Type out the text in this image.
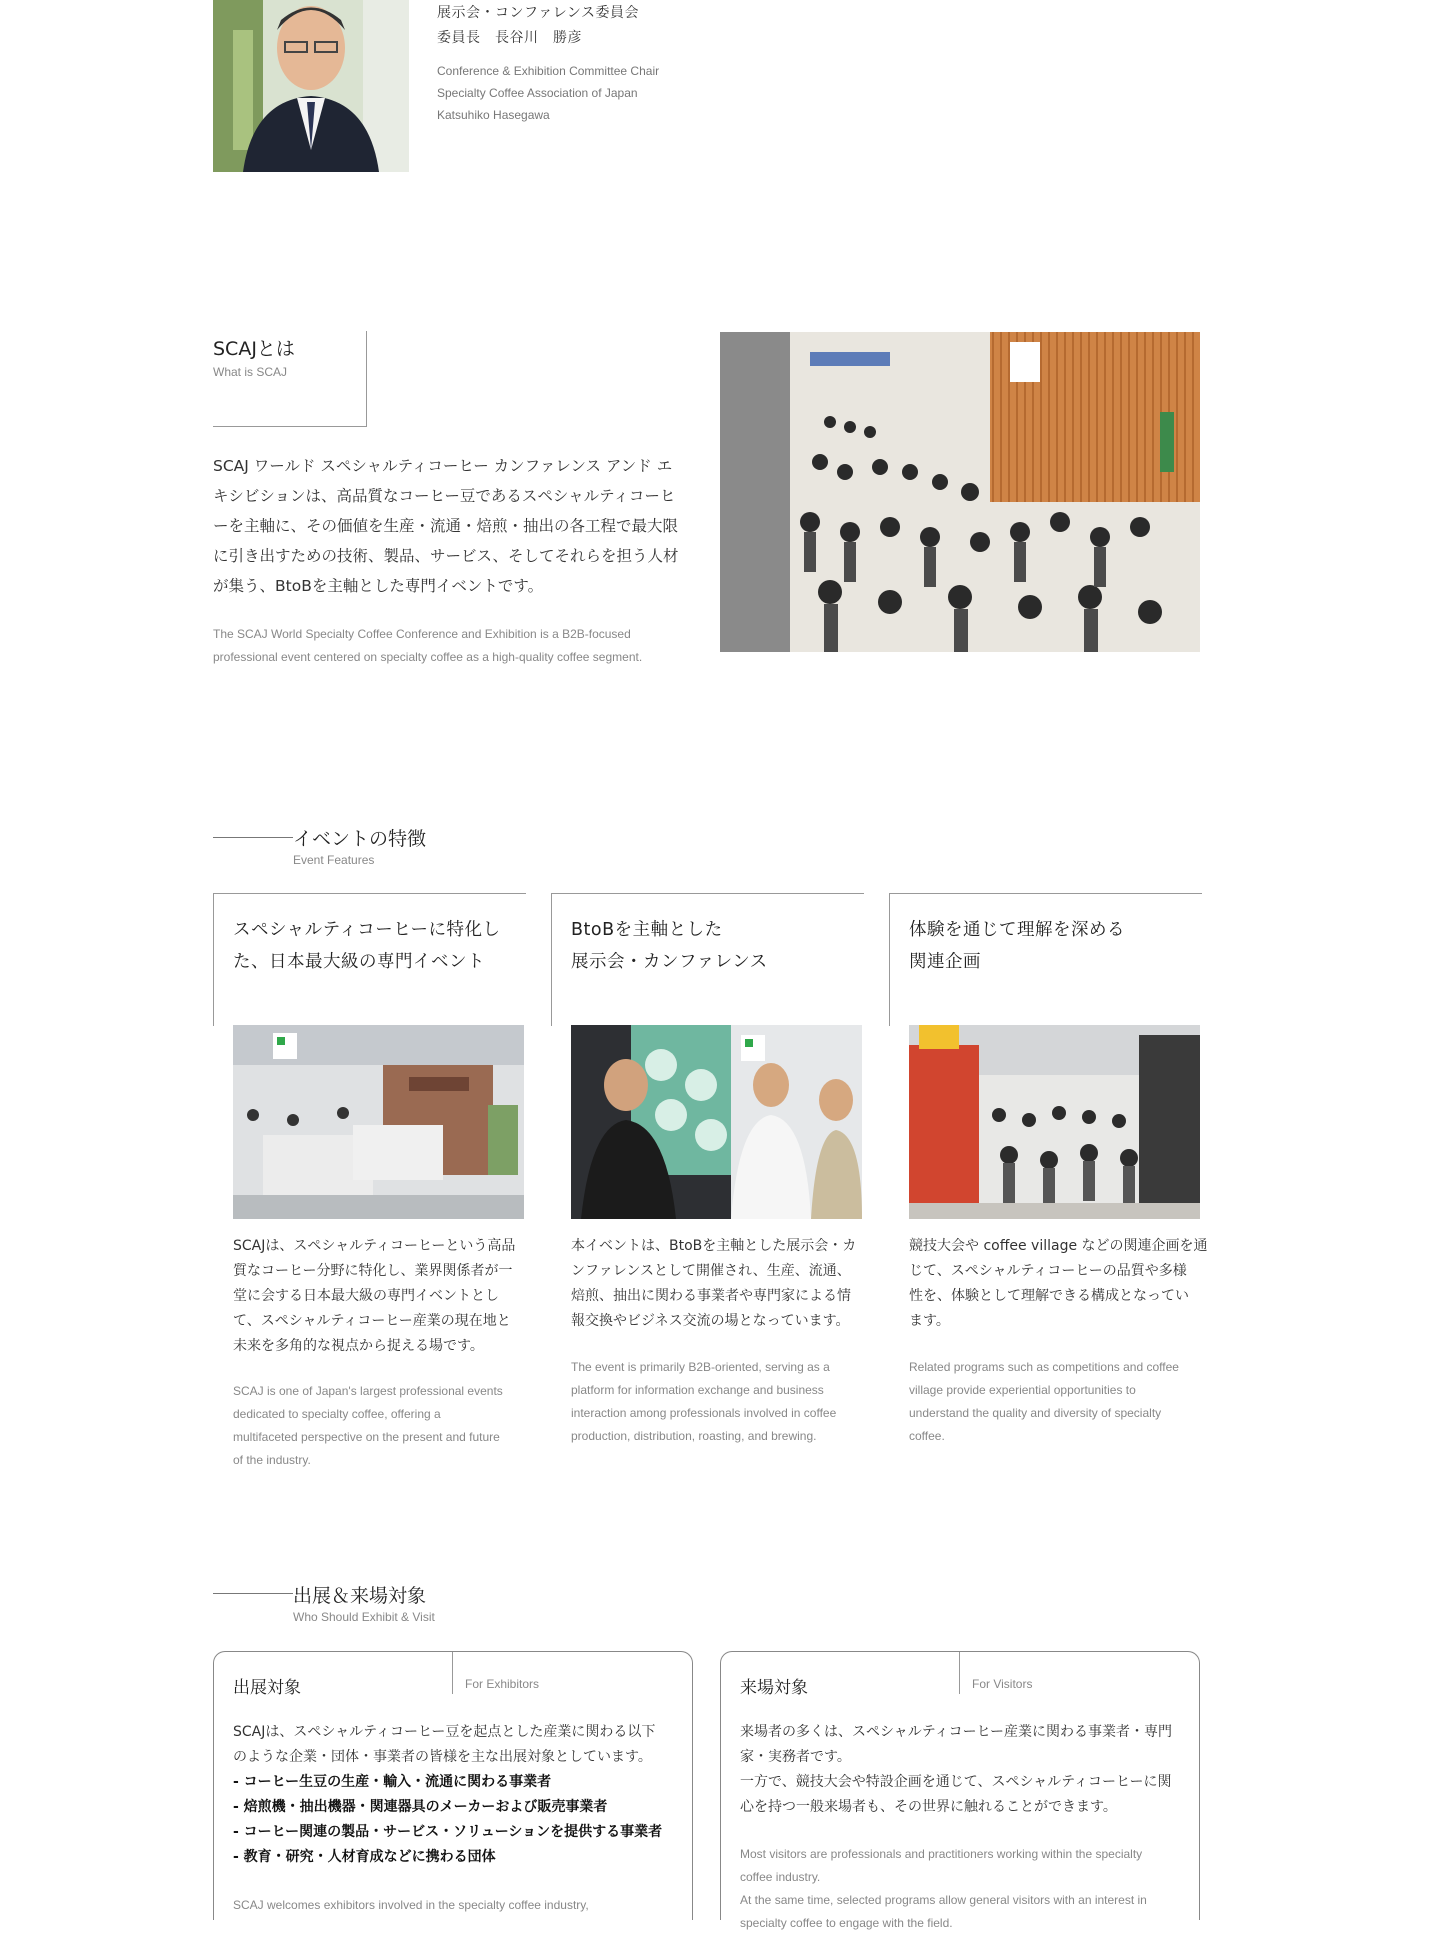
展示会・コンファレンス委員会
委員長　長谷川　勝彦
Conference & Exhibition Committee Chair
Specialty Coffee Association of Japan
Katsuhiko Hasegawa
SCAJとは
What is SCAJ
SCAJ ワールド スペシャルティコーヒー カンファレンス アンド エ
キシビションは、高品質なコーヒー豆であるスペシャルティコーヒ
ーを主軸に、その価値を生産・流通・焙煎・抽出の各工程で最大限
に引き出すための技術、製品、サービス、そしてそれらを担う人材
が集う、BtoBを主軸とした専門イベントです。
The SCAJ World Specialty Coffee Conference and Exhibition is a B2B-focused
professional event centered on specialty coffee as a high-quality coffee segment.
イベントの特徴
Event Features
スペシャルティコーヒーに特化し
た、日本最大級の専門イベント
SCAJは、スペシャルティコーヒーという高品
質なコーヒー分野に特化し、業界関係者が一
堂に会する日本最大級の専門イベントとし
て、スペシャルティコーヒー産業の現在地と
未来を多角的な視点から捉える場です。
SCAJ is one of Japan's largest professional events
dedicated to specialty coffee, offering a
multifaceted perspective on the present and future
of the industry.
BtoBを主軸とした
展示会・カンファレンス
本イベントは、BtoBを主軸とした展示会・カ
ンファレンスとして開催され、生産、流通、
焙煎、抽出に関わる事業者や専門家による情
報交換やビジネス交流の場となっています。
The event is primarily B2B-oriented, serving as a
platform for information exchange and business
interaction among professionals involved in coffee
production, distribution, roasting, and brewing.
体験を通じて理解を深める
関連企画
競技大会や coffee village などの関連企画を通
じて、スペシャルティコーヒーの品質や多様
性を、体験として理解できる構成となってい
ます。
Related programs such as competitions and coffee
village provide experiential opportunities to
understand the quality and diversity of specialty
coffee.
出展＆来場対象
Who Should Exhibit & Visit
出展対象	For Exhibitors
SCAJは、スペシャルティコーヒー豆を起点とした産業に関わる以下
のような企業・団体・事業者の皆様を主な出展対象としています。
- コーヒー生豆の生産・輸入・流通に関わる事業者
- 焙煎機・抽出機器・関連器具のメーカーおよび販売事業者
- コーヒー関連の製品・サービス・ソリューションを提供する事業者
- 教育・研究・人材育成などに携わる団体
SCAJ welcomes exhibitors involved in the specialty coffee industry,
来場対象	For Visitors
来場者の多くは、スペシャルティコーヒー産業に関わる事業者・専門
家・実務者です。
一方で、競技大会や特設企画を通じて、スペシャルティコーヒーに関
心を持つ一般来場者も、その世界に触れることができます。
Most visitors are professionals and practitioners working within the specialty
coffee industry.
At the same time, selected programs allow general visitors with an interest in
specialty coffee to engage with the field.
